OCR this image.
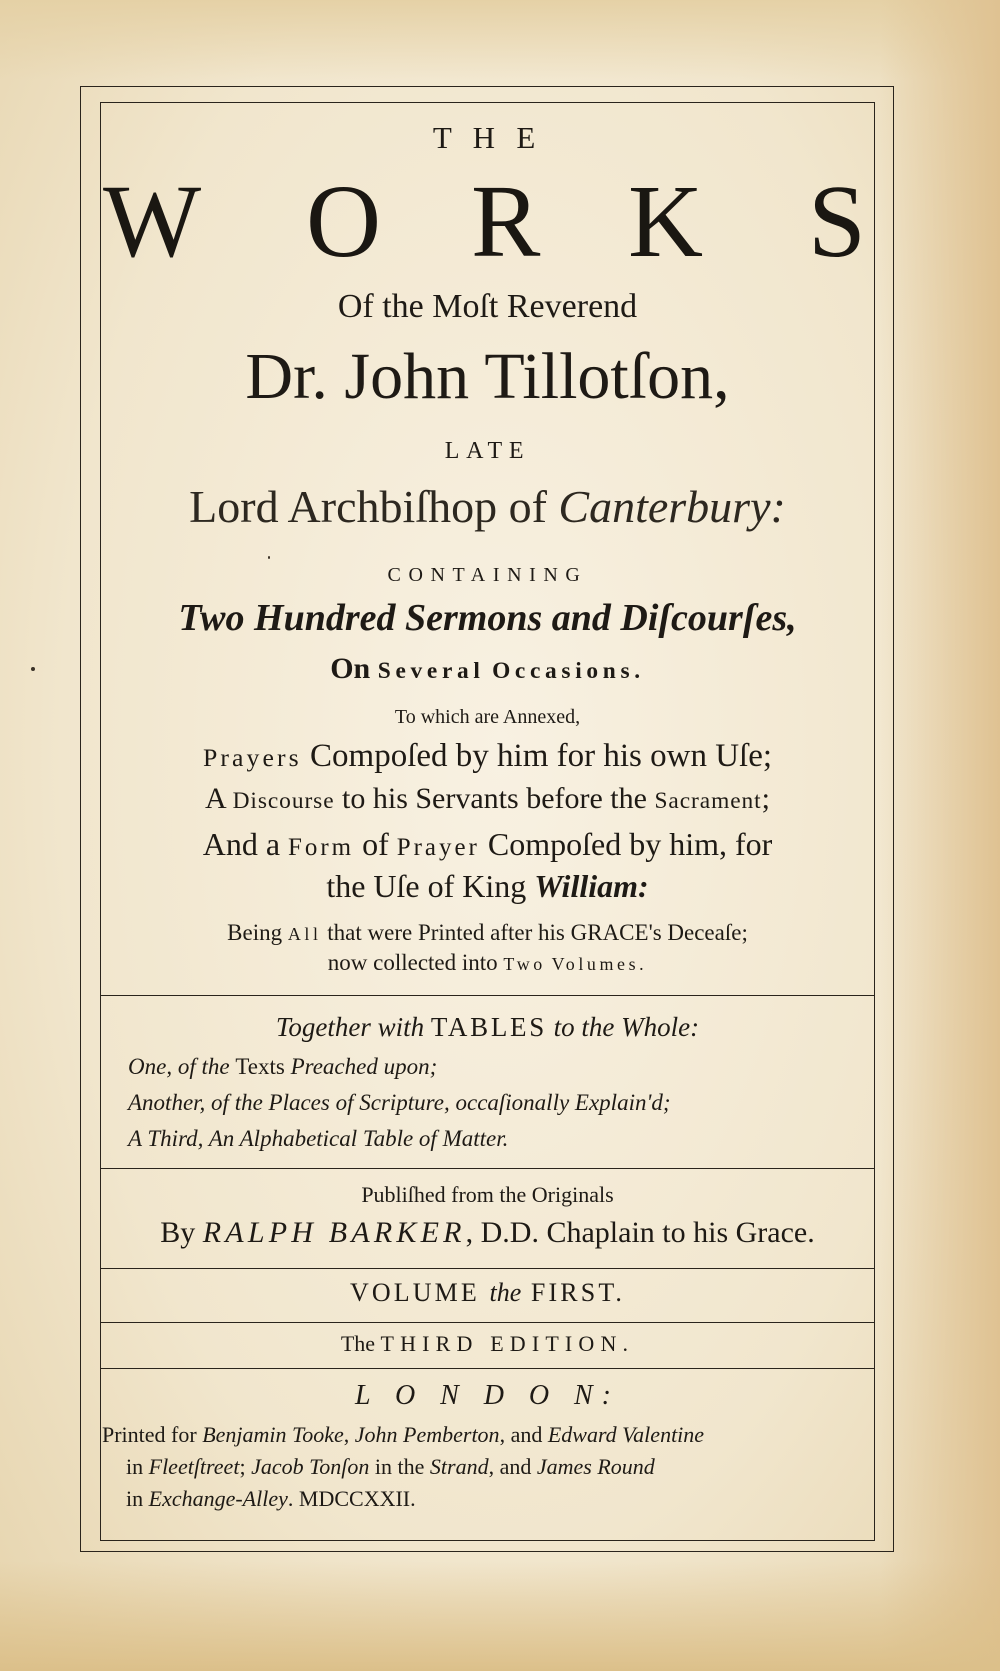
T H E
W O R K S
Of the Moſt Reverend
Dr. John Tillotſon,
LATE
Lord Archbiſhop of Canterbury:
CONTAINING
Two Hundred Sermons and Diſcourſes,
On Several Occasions.
To which are Annexed,
Prayers Compoſed by him for his own Uſe;
A Discourse to his Servants before the Sacrament;
And a Form of Prayer Compoſed by him, for
the Uſe of King William:
Being All that were Printed after his GRACE's Deceaſe;
now collected into Two Volumes.
Together with TABLES to the Whole:
One, of the Texts Preached upon;
Another, of the Places of Scripture, occaſionally Explain'd;
A Third, An Alphabetical Table of Matter.
Publiſhed from the Originals
By RALPH BARKER, D.D. Chaplain to his Grace.
VOLUME the FIRST.
The THIRD EDITION.
L O N D O N:
Printed for Benjamin Tooke, John Pemberton, and Edward Valentine
in Fleetſtreet; Jacob Tonſon in the Strand, and James Round
in Exchange-Alley. MDCCXXII.
